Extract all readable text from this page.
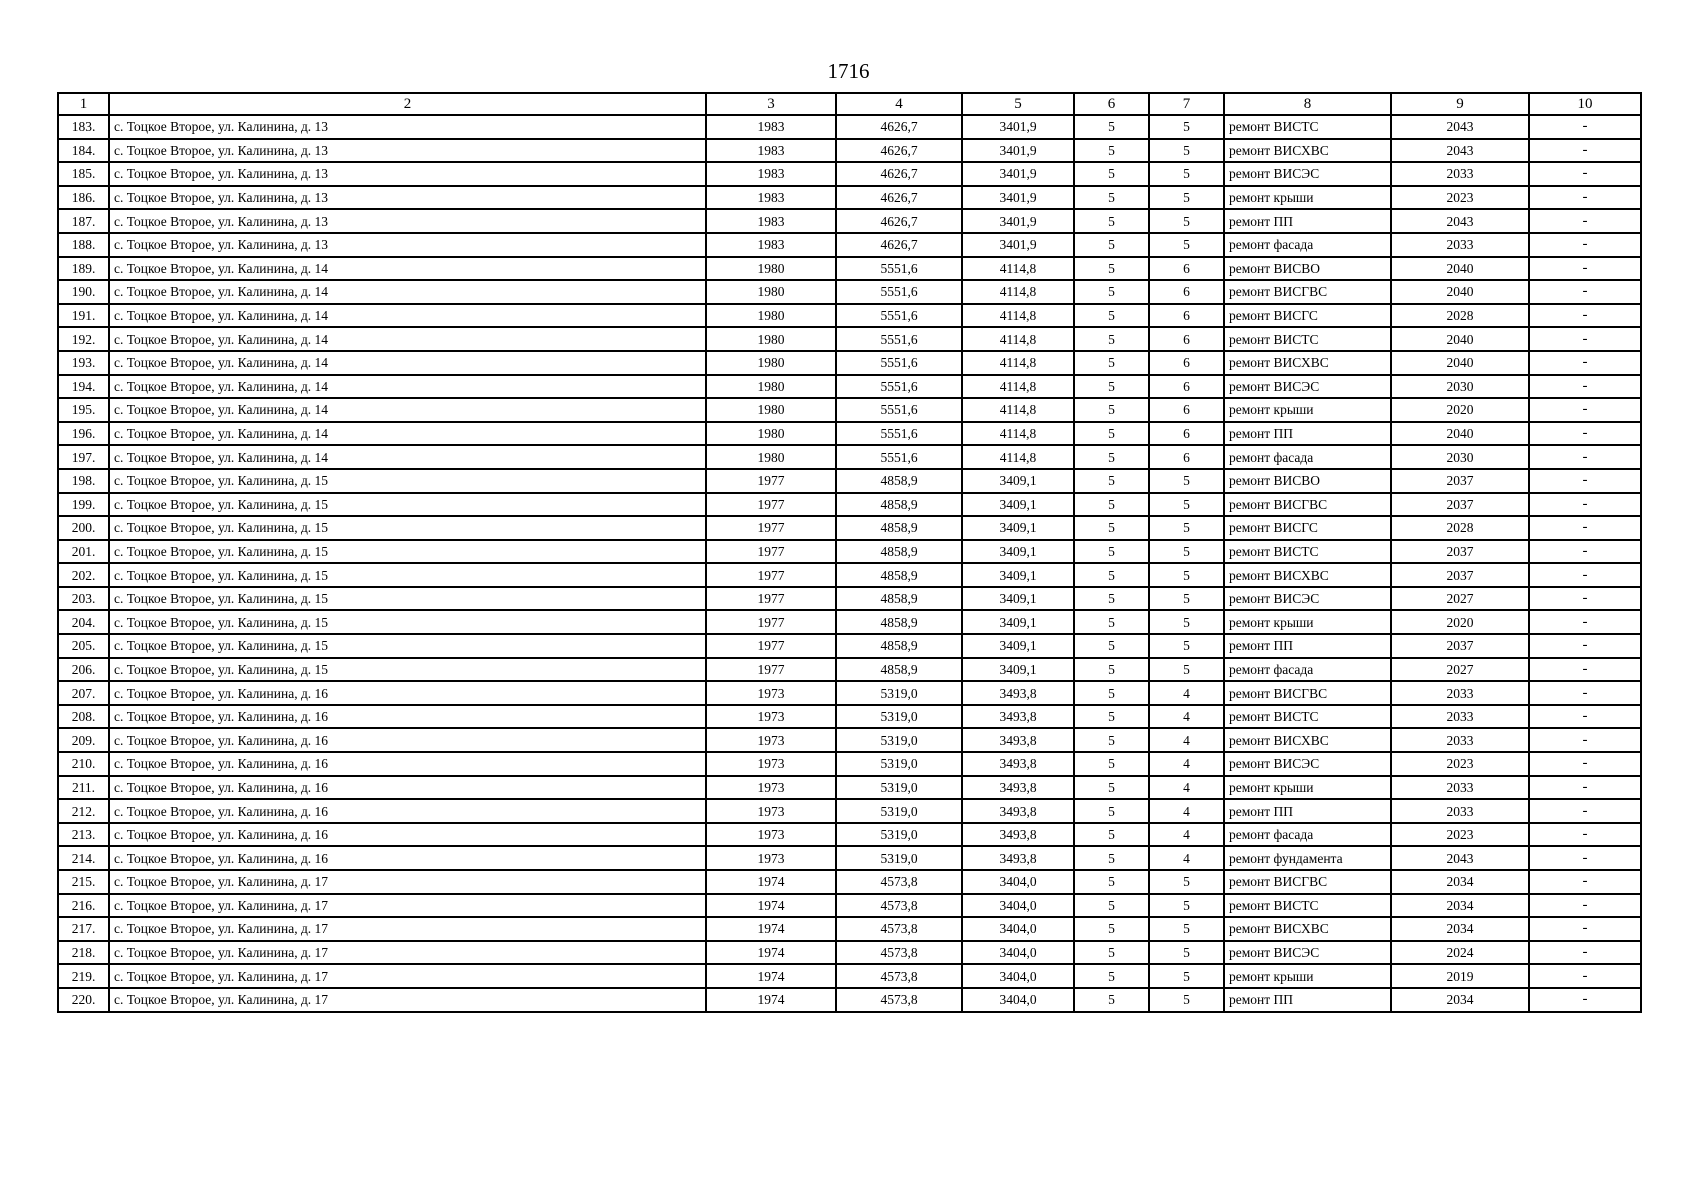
1716
1	2	3	4	5	6	7	8	9	10
183.	с. Тоцкое Второе, ул. Калинина, д. 13	1983	4626,7	3401,9	5	5	ремонт ВИСТС	2043	-
184.	с. Тоцкое Второе, ул. Калинина, д. 13	1983	4626,7	3401,9	5	5	ремонт ВИСХВС	2043	-
185.	с. Тоцкое Второе, ул. Калинина, д. 13	1983	4626,7	3401,9	5	5	ремонт ВИСЭС	2033	-
186.	с. Тоцкое Второе, ул. Калинина, д. 13	1983	4626,7	3401,9	5	5	ремонт крыши	2023	-
187.	с. Тоцкое Второе, ул. Калинина, д. 13	1983	4626,7	3401,9	5	5	ремонт ПП	2043	-
188.	с. Тоцкое Второе, ул. Калинина, д. 13	1983	4626,7	3401,9	5	5	ремонт фасада	2033	-
189.	с. Тоцкое Второе, ул. Калинина, д. 14	1980	5551,6	4114,8	5	6	ремонт ВИСВО	2040	-
190.	с. Тоцкое Второе, ул. Калинина, д. 14	1980	5551,6	4114,8	5	6	ремонт ВИСГВС	2040	-
191.	с. Тоцкое Второе, ул. Калинина, д. 14	1980	5551,6	4114,8	5	6	ремонт ВИСГС	2028	-
192.	с. Тоцкое Второе, ул. Калинина, д. 14	1980	5551,6	4114,8	5	6	ремонт ВИСТС	2040	-
193.	с. Тоцкое Второе, ул. Калинина, д. 14	1980	5551,6	4114,8	5	6	ремонт ВИСХВС	2040	-
194.	с. Тоцкое Второе, ул. Калинина, д. 14	1980	5551,6	4114,8	5	6	ремонт ВИСЭС	2030	-
195.	с. Тоцкое Второе, ул. Калинина, д. 14	1980	5551,6	4114,8	5	6	ремонт крыши	2020	-
196.	с. Тоцкое Второе, ул. Калинина, д. 14	1980	5551,6	4114,8	5	6	ремонт ПП	2040	-
197.	с. Тоцкое Второе, ул. Калинина, д. 14	1980	5551,6	4114,8	5	6	ремонт фасада	2030	-
198.	с. Тоцкое Второе, ул. Калинина, д. 15	1977	4858,9	3409,1	5	5	ремонт ВИСВО	2037	-
199.	с. Тоцкое Второе, ул. Калинина, д. 15	1977	4858,9	3409,1	5	5	ремонт ВИСГВС	2037	-
200.	с. Тоцкое Второе, ул. Калинина, д. 15	1977	4858,9	3409,1	5	5	ремонт ВИСГС	2028	-
201.	с. Тоцкое Второе, ул. Калинина, д. 15	1977	4858,9	3409,1	5	5	ремонт ВИСТС	2037	-
202.	с. Тоцкое Второе, ул. Калинина, д. 15	1977	4858,9	3409,1	5	5	ремонт ВИСХВС	2037	-
203.	с. Тоцкое Второе, ул. Калинина, д. 15	1977	4858,9	3409,1	5	5	ремонт ВИСЭС	2027	-
204.	с. Тоцкое Второе, ул. Калинина, д. 15	1977	4858,9	3409,1	5	5	ремонт крыши	2020	-
205.	с. Тоцкое Второе, ул. Калинина, д. 15	1977	4858,9	3409,1	5	5	ремонт ПП	2037	-
206.	с. Тоцкое Второе, ул. Калинина, д. 15	1977	4858,9	3409,1	5	5	ремонт фасада	2027	-
207.	с. Тоцкое Второе, ул. Калинина, д. 16	1973	5319,0	3493,8	5	4	ремонт ВИСГВС	2033	-
208.	с. Тоцкое Второе, ул. Калинина, д. 16	1973	5319,0	3493,8	5	4	ремонт ВИСТС	2033	-
209.	с. Тоцкое Второе, ул. Калинина, д. 16	1973	5319,0	3493,8	5	4	ремонт ВИСХВС	2033	-
210.	с. Тоцкое Второе, ул. Калинина, д. 16	1973	5319,0	3493,8	5	4	ремонт ВИСЭС	2023	-
211.	с. Тоцкое Второе, ул. Калинина, д. 16	1973	5319,0	3493,8	5	4	ремонт крыши	2033	-
212.	с. Тоцкое Второе, ул. Калинина, д. 16	1973	5319,0	3493,8	5	4	ремонт ПП	2033	-
213.	с. Тоцкое Второе, ул. Калинина, д. 16	1973	5319,0	3493,8	5	4	ремонт фасада	2023	-
214.	с. Тоцкое Второе, ул. Калинина, д. 16	1973	5319,0	3493,8	5	4	ремонт фундамента	2043	-
215.	с. Тоцкое Второе, ул. Калинина, д. 17	1974	4573,8	3404,0	5	5	ремонт ВИСГВС	2034	-
216.	с. Тоцкое Второе, ул. Калинина, д. 17	1974	4573,8	3404,0	5	5	ремонт ВИСТС	2034	-
217.	с. Тоцкое Второе, ул. Калинина, д. 17	1974	4573,8	3404,0	5	5	ремонт ВИСХВС	2034	-
218.	с. Тоцкое Второе, ул. Калинина, д. 17	1974	4573,8	3404,0	5	5	ремонт ВИСЭС	2024	-
219.	с. Тоцкое Второе, ул. Калинина, д. 17	1974	4573,8	3404,0	5	5	ремонт крыши	2019	-
220.	с. Тоцкое Второе, ул. Калинина, д. 17	1974	4573,8	3404,0	5	5	ремонт ПП	2034	-
